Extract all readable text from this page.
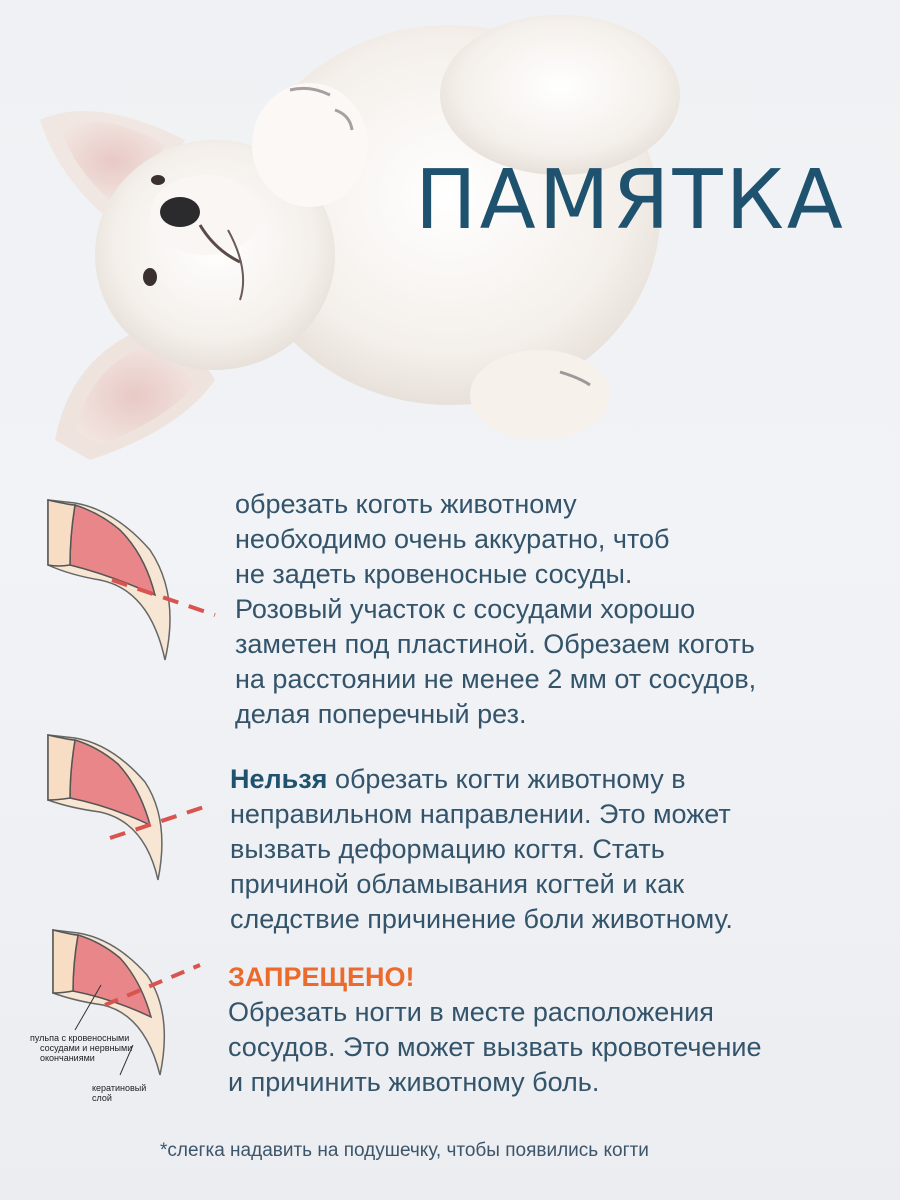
ПАМЯТКА
обрезать коготь животному
необходимо очень аккуратно, чтоб
не задеть кровеносные сосуды.
Розовый участок с сосудами хорошо
заметен под пластиной. Обрезаем коготь
на расстоянии не менее 2 мм от сосудов,
делая поперечный рез.
Нельзя обрезать когти животному в
неправильном направлении. Это может
вызвать деформацию когтя. Стать
причиной обламывания когтей и как
следствие причинение боли животному.
пульпа с кровеносными
сосудами и нервными
окончаниями
кератиновый
слой
ЗАПРЕЩЕНО!
Обрезать ногти в месте расположения
сосудов. Это может вызвать кровотечение
и причинить животному боль.
*слегка надавить на подушечку, чтобы появились когти
